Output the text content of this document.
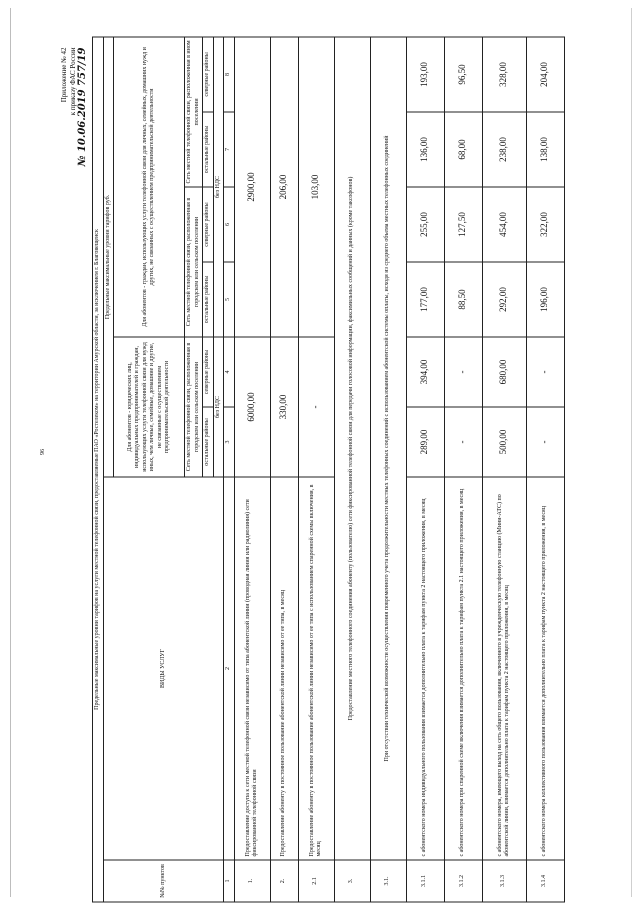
96
Приложение № 42 к приказу ФАС России № 10.06.2019 757/19
Предельные максимальные уровни тарифов на услуги местной телефонной связи, предоставляемые ПАО «Ростелеком» на территории Амурской области, за исключением г. Благовещенск							
№№ пунктов	ВИДЫ УСЛУГ	Предельные максимальные уровни тарифов руб.					
		Для абонентов - юридических лиц, индивидуальных предпринимателей и граждан, использующих услуги телефонной связи для нужд иных, чем личные, семейные, домашние и другие, не связанные с осуществлением предпринимательской деятельности		Для абонентов - граждан, использующих услуги телефонной связи для личных, семейных, домашних нужд и других, не связанных с осуществлением предпринимательской деятельности			
		Сеть местной телефонной связи, расположенная в городском или сельском поселении		Сеть местной телефонной связи, расположенная в городском или сельском поселении		Сеть местной телефонной связи, расположенная в ином поселении	
		остальные районы	северные районы	остальные районы	северные районы	остальные районы	северные районы
		без НДС		без НДС			
1	2	3	4	5	6	7	8
1.	Предоставление доступа к сети местной телефонной связи независимо от типа абонентской линии (проводная линия или радиолиния) сети фиксированной телефонной связи	6000,00		2900,00			
2.	Предоставление абоненту в постоянное пользование абонентской линии независимо от ее типа, в месяц	330,00		206,00			
2.1	Предоставление абоненту в постоянное пользование абонентской линии независимо от ее типа с использованием спаренной схемы включения, в месяц	-		103,00			
3.	Предоставление местного телефонного соединения абоненту (пользователю) сети фиксированной телефонной связи для передачи голосовой информации, факсимильных сообщений и данных (кроме таксофонов)						
3.1.	При отсутствии технической возможности осуществления повременного учета продолжительности местных телефонных соединений с использованием абонентской системы оплаты, исходя из среднего объема местных телефонных соединений						
3.1.1	с абонентского номера индивидуального пользования взимается дополнительно плата к тарифам пункта 2 настоящего приложения, в месяц	289,00	394,00	177,00	255,00	136,00	193,00
3.1.2	с абонентского номера при спаренной схеме включения взимается дополнительно плата к тарифам пункта 2.1 настоящего приложения, в месяц	-	-	88,50	127,50	68,00	96,50
3.1.3	с абонентского номера, имеющего выход на сеть общего пользования, включенного в учрежденческую телефонную станцию (Мини-АТС) по абонентской линии, взимается дополнительно плата к тарифам пункта 2 настоящего приложения, в месяц	500,00	680,00	292,00	454,00	238,00	328,00
3.1.4	с абонентского номера коллективного пользования взимается дополнительно плата к тарифам пункта 2 настоящего приложения, в месяц	-	-	196,00	322,00	138,00	204,00
